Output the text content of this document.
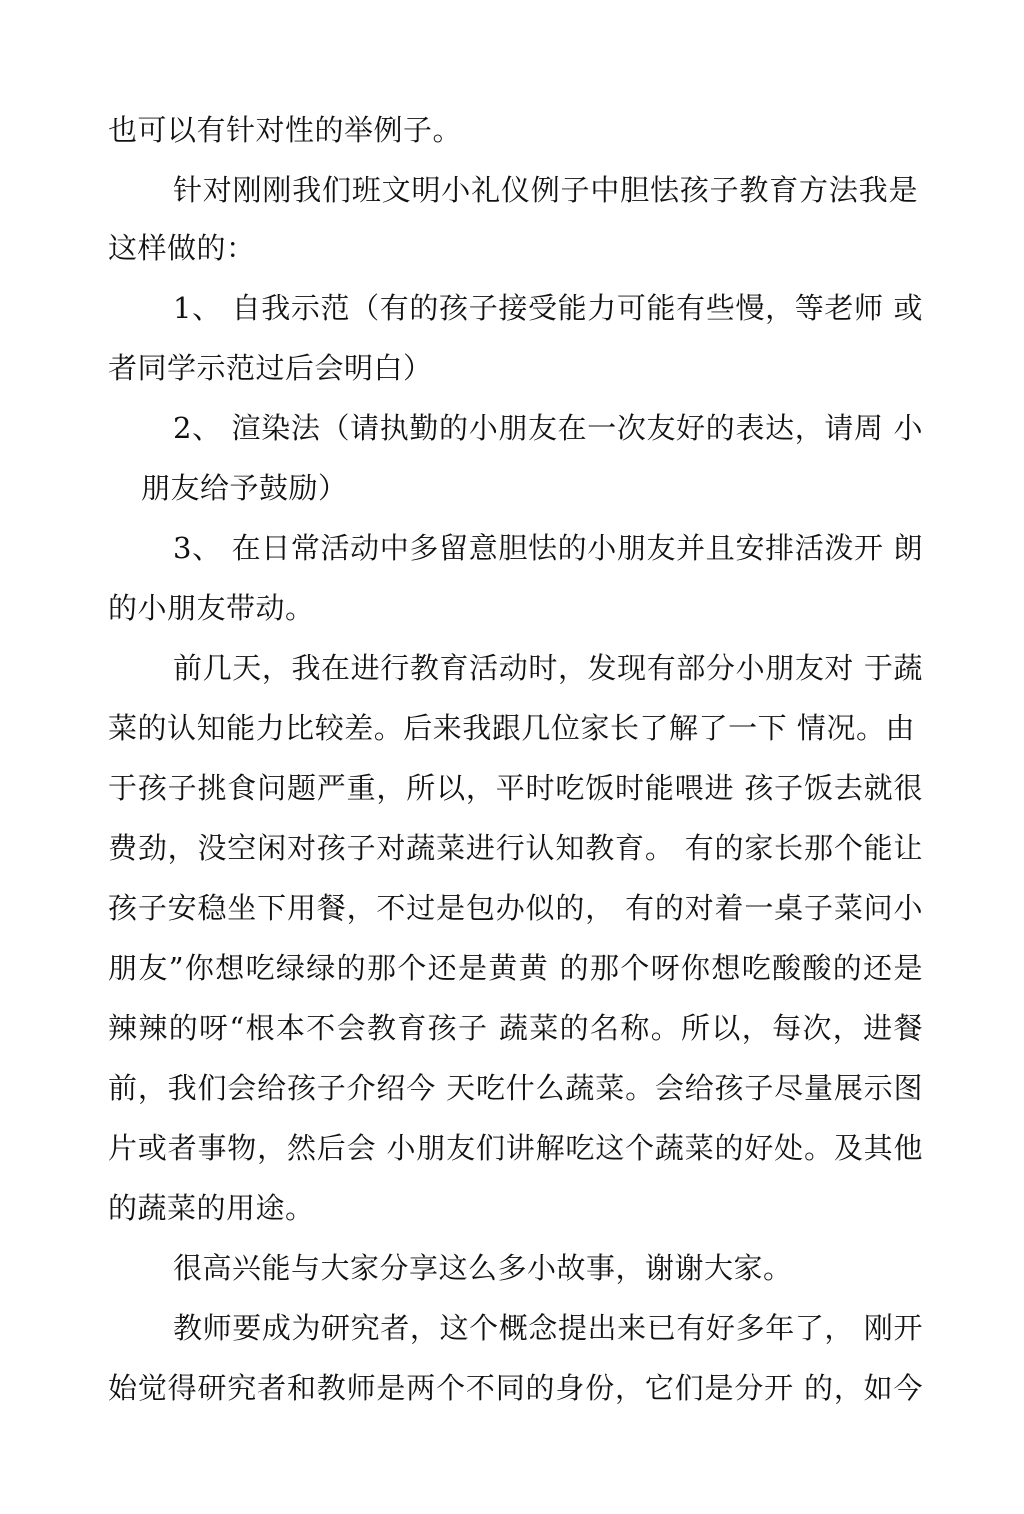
也可以有针对性的举例子。
针对刚刚我们班文明小礼仪例子中胆怯孩子教育方法我是
这样做的：
1、 自我示范（有的孩子接受能力可能有些慢，等老师 或
者同学示范过后会明白）
2、 渲染法（请执勤的小朋友在一次友好的表达，请周 小
朋友给予鼓励）
3、 在日常活动中多留意胆怯的小朋友并且安排活泼开 朗
的小朋友带动。
前几天，我在进行教育活动时，发现有部分小朋友对 于蔬
菜的认知能力比较差。后来我跟几位家长了解了一下 情况。由
于孩子挑食问题严重，所以，平时吃饭时能喂进 孩子饭去就很
费劲，没空闲对孩子对蔬菜进行认知教育。 有的家长那个能让
孩子安稳坐下用餐，不过是包办似的， 有的对着一桌子菜问小
朋友”你想吃绿绿的那个还是黄黄 的那个呀你想吃酸酸的还是
辣辣的呀“根本不会教育孩子 蔬菜的名称。所以，每次，进餐
前，我们会给孩子介绍今 天吃什么蔬菜。会给孩子尽量展示图
片或者事物，然后会 小朋友们讲解吃这个蔬菜的好处。及其他
的蔬菜的用途。
很高兴能与大家分享这么多小故事，谢谢大家。
教师要成为研究者，这个概念提出来已有好多年了， 刚开
始觉得研究者和教师是两个不同的身份，它们是分开 的，如今
